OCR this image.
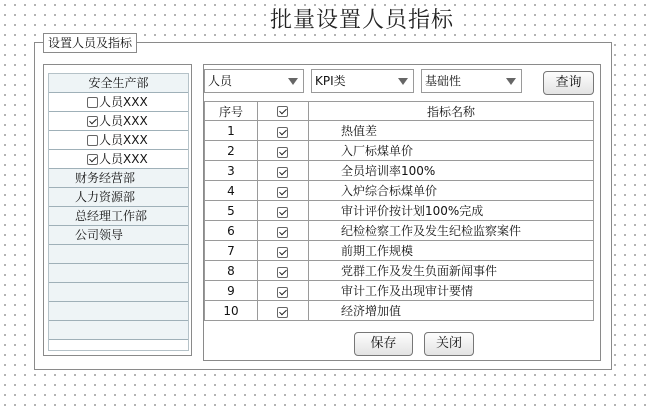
批量设置人员指标
设置人员及指标
安全生产部
人员XXX
人员XXX
人员XXX
人员XXX
财务经营部
人力资源部
总经理工作部
公司领导
人员	KPI类	基础性	查询
序号		指标名称
1		热值差
2		入厂标煤单价
3		全员培训率100%
4		入炉综合标煤单价
5		审计评价按计划100%完成
6		纪检检察工作及发生纪检监察案件
7		前期工作规模
8		党群工作及发生负面新闻事件
9		审计工作及出现审计要情
10		经济增加值
保存	关闭
